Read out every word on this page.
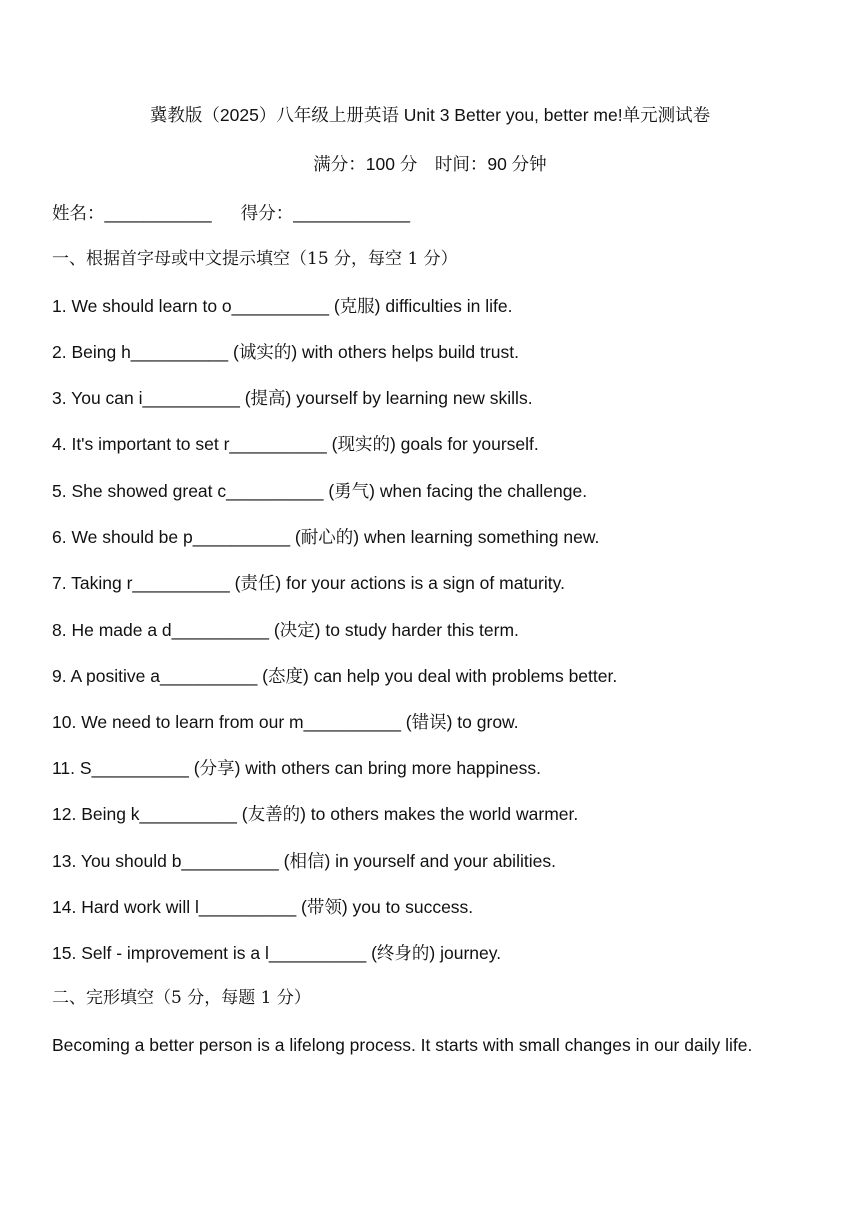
冀教版（2025）八年级上册英语 Unit 3 Better you, better me!单元测试卷
满分：100 分　时间：90 分钟
姓名：___________      得分：____________
一、根据首字母或中文提示填空（15 分，每空 1 分）
1. We should learn to o__________ (克服) difficulties in life.
2. Being h__________ (诚实的) with others helps build trust.
3. You can i__________ (提高) yourself by learning new skills.
4. It's important to set r__________ (现实的) goals for yourself.
5. She showed great c__________ (勇气) when facing the challenge.
6. We should be p__________ (耐心的) when learning something new.
7. Taking r__________ (责任) for your actions is a sign of maturity.
8. He made a d__________ (决定) to study harder this term.
9. A positive a__________ (态度) can help you deal with problems better.
10. We need to learn from our m__________ (错误) to grow.
11. S__________ (分享) with others can bring more happiness.
12. Being k__________ (友善的) to others makes the world warmer.
13. You should b__________ (相信) in yourself and your abilities.
14. Hard work will l__________ (带领) you to success.
15. Self - improvement is a l__________ (终身的) journey.
二、完形填空（5 分，每题 1 分）
Becoming a better person is a lifelong process. It starts with small changes in our daily life.
